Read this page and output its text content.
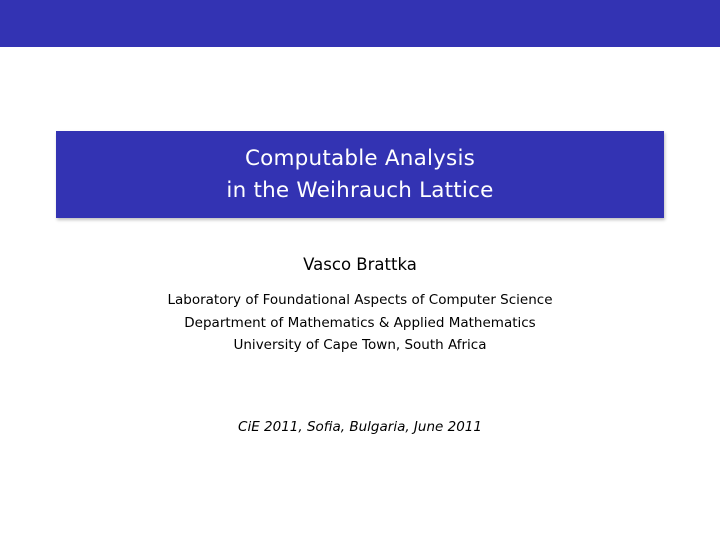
Computable Analysis
in the Weihrauch Lattice
Vasco Brattka
Laboratory of Foundational Aspects of Computer Science
Department of Mathematics & Applied Mathematics
University of Cape Town, South Africa
CiE 2011, Sofia, Bulgaria, June 2011
